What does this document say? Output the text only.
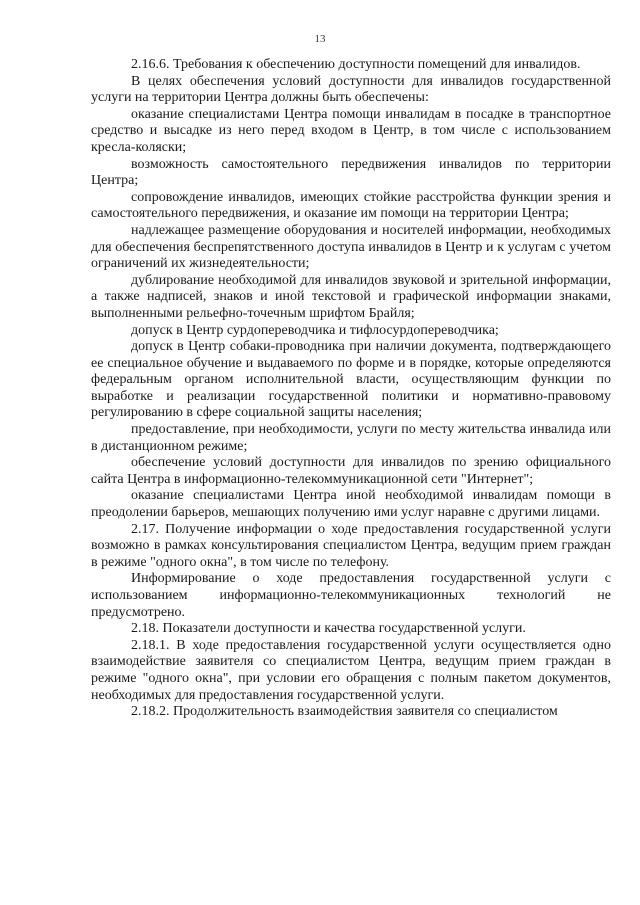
13

2.16.6. Требования к обеспечению доступности помещений для инвалидов.

В целях обеспечения условий доступности для инвалидов государственной услуги на территории Центра должны быть обеспечены:

оказание специалистами Центра помощи инвалидам в посадке в транспортное средство и высадке из него перед входом в Центр, в том числе с использованием кресла-коляски;

возможность самостоятельного передвижения инвалидов по территории Центра;

сопровождение инвалидов, имеющих стойкие расстройства функции зрения и самостоятельного передвижения, и оказание им помощи на территории Центра;

надлежащее размещение оборудования и носителей информации, необходимых для обеспечения беспрепятственного доступа инвалидов в Центр и к услугам с учетом ограничений их жизнедеятельности;

дублирование необходимой для инвалидов звуковой и зрительной информации, а также надписей, знаков и иной текстовой и графической информации знаками, выполненными рельефно-точечным шрифтом Брайля;

допуск в Центр сурдопереводчика и тифлосурдопереводчика;

допуск в Центр собаки-проводника при наличии документа, подтверждающего ее специальное обучение и выдаваемого по форме и в порядке, которые определяются федеральным органом исполнительной власти, осуществляющим функции по выработке и реализации государственной политики и нормативно-правовому регулированию в сфере социальной защиты населения;

предоставление, при необходимости, услуги по месту жительства инвалида или в дистанционном режиме;

обеспечение условий доступности для инвалидов по зрению официального сайта Центра в информационно-телекоммуникационной сети "Интернет";

оказание специалистами Центра иной необходимой инвалидам помощи в преодолении барьеров, мешающих получению ими услуг наравне с другими лицами.

2.17. Получение информации о ходе предоставления государственной услуги возможно в рамках консультирования специалистом Центра, ведущим прием граждан в режиме "одного окна", в том числе по телефону.

Информирование о ходе предоставления государственной услуги с использованием информационно-телекоммуникационных технологий не предусмотрено.

2.18. Показатели доступности и качества государственной услуги.

2.18.1. В ходе предоставления государственной услуги осуществляется одно взаимодействие заявителя со специалистом Центра, ведущим прием граждан в режиме "одного окна", при условии его обращения с полным пакетом документов, необходимых для предоставления государственной услуги.

2.18.2. Продолжительность взаимодействия заявителя со специалистом
